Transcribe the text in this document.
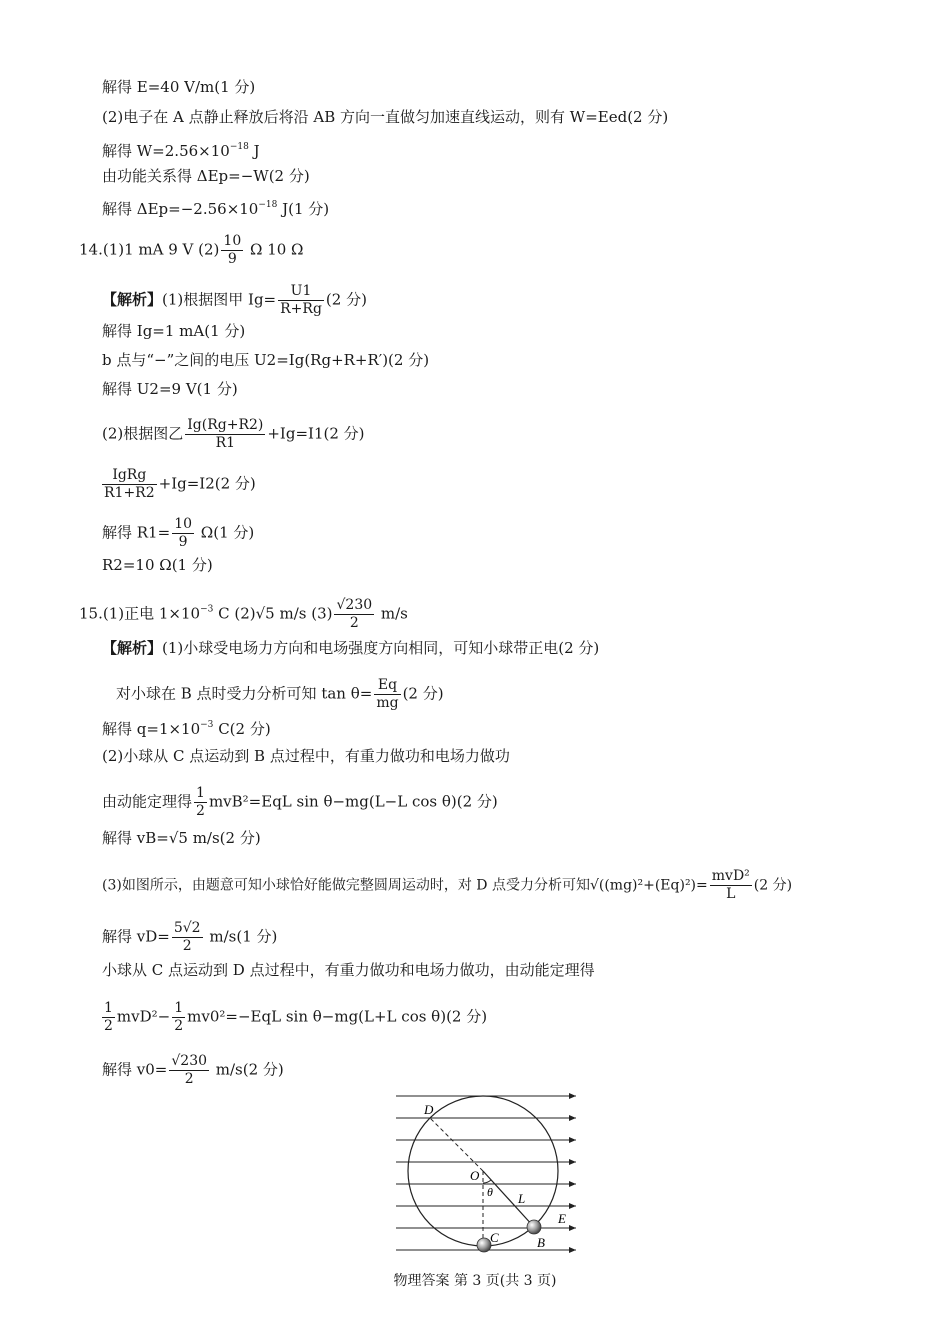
解得 E=40 V/m(1 分)
(2)电子在 A 点静止释放后将沿 AB 方向一直做匀加速直线运动，则有 W=Eed(2 分)
解得 $W=2.56\times 10^{-18}$ J
由功能关系得 ΔEp=−W(2 分)
解得 $\Delta Ep=-2.56\times 10^{-18}$ J(1 分)
14.(1)1 mA 9 V $(2) \frac{10}{9}$ Ω 10 Ω
【解析】(1)根据图甲 $Ig= \frac{U1}{R+Rg} (2$ 分)
解得 Ig=1 mA(1 分)
b 点与“−”之间的电压 U2=Ig(Rg+R+R′)(2 分)
解得 U2=9 V(1 分)
(2)根据图乙 $\frac{Ig(Rg+R2)}{R1} +Ig=I1(2$ 分)
$\frac{\text{IgRg}}{R1+R2} +Ig=I2(2$ 分)
解得 $R1= \frac{10}{9} \Omega(1$ 分)
R2=10 Ω(1 分)
15.(1)正电 $1\times 10^{-3}$ C (2)√5 m/s $(3) \frac{√230}{2} m/s$
【解析】(1)小球受电场力方向和电场强度方向相同，可知小球带正电(2 分)
对小球在 B 点时受力分析可知 $\tan \theta= \frac{Eq}{mg} (2$ 分)
解得 $q=1\times 10^{-3}$ C(2 分)
(2)小球从 C 点运动到 B 点过程中，有重力做功和电场力做功
由动能定理得 $\frac{1}{2} mvB^2=EqL$ sin θ−mg(L−L cos θ)(2 分)
解得 vB=√5 m/s(2 分)
(3)如图所示，由题意可知小球恰好能做完整圆周运动时，对 D 点受力分析可知$√((mg)^2+(Eq)^2)= \frac{\text{mvD²}}{L} (2$ 分)
解得 $vD= \frac{5√2}{2} m/s(1$ 分)
小球从 C 点运动到 D 点过程中，有重力做功和电场力做功，由动能定理得
$\frac{1}{2} mvD^2- \frac{1}{2} mv0^2=-EqL$ sin θ−mg(L+L cos θ)(2 分)
解得 $v0= \frac{√230}{2} m/s(2$ 分)
D
O
θ L
E
C	B
物理答案 第 3 页(共 3 页)
